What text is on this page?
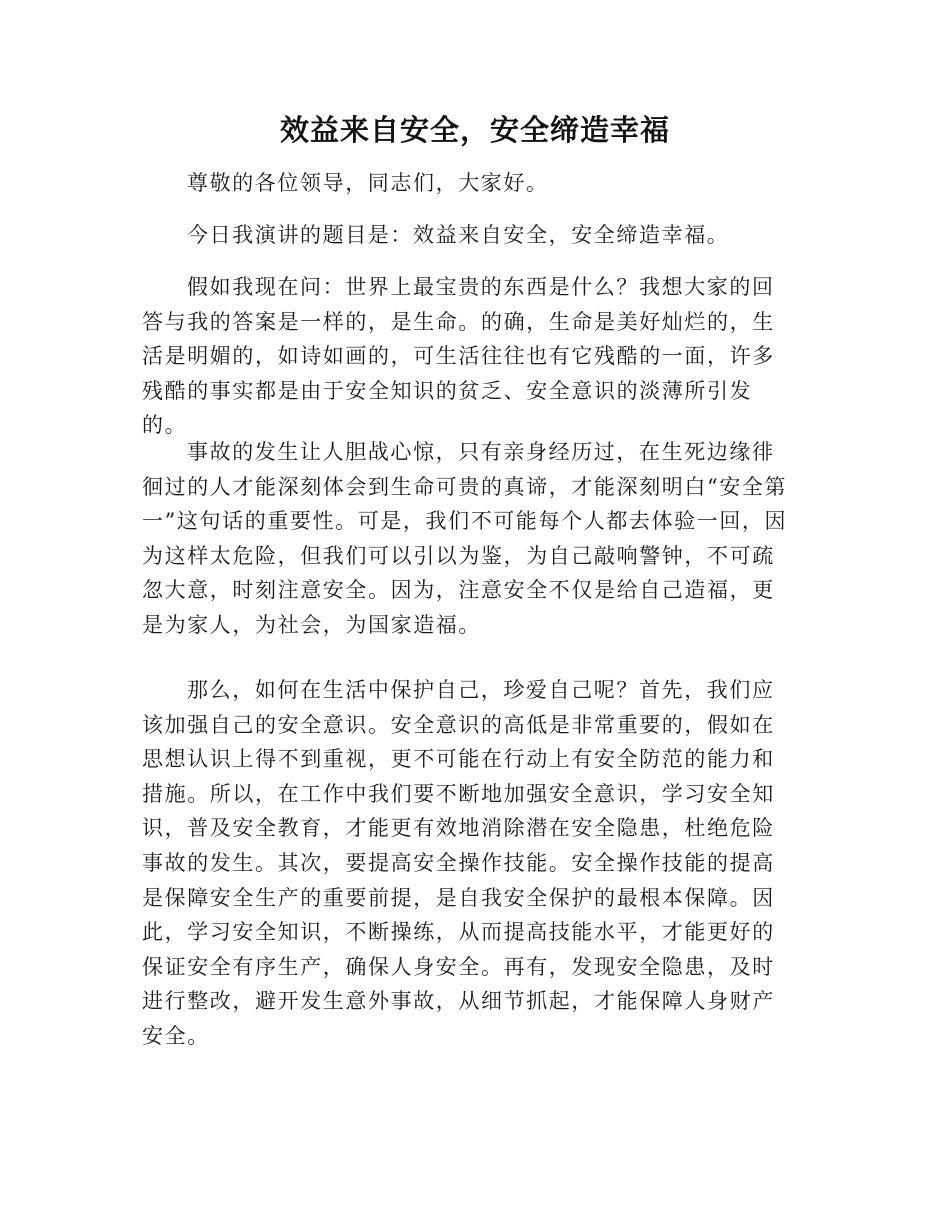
效益来自安全，安全缔造幸福

尊敬的各位领导，同志们，大家好。

今日我演讲的题目是：效益来自安全，安全缔造幸福。

假如我现在问：世界上最宝贵的东西是什么？我想大家的回答与我的答案是一样的，是生命。的确，生命是美好灿烂的，生活是明媚的，如诗如画的，可生活往往也有它残酷的一面，许多残酷的事实都是由于安全知识的贫乏、安全意识的淡薄所引发的。

事故的发生让人胆战心惊，只有亲身经历过，在生死边缘徘徊过的人才能深刻体会到生命可贵的真谛，才能深刻明白“安全第一”这句话的重要性。可是，我们不可能每个人都去体验一回，因为这样太危险，但我们可以引以为鉴，为自己敲响警钟，不可疏忽大意，时刻注意安全。因为，注意安全不仅是给自己造福，更是为家人，为社会，为国家造福。

那么，如何在生活中保护自己，珍爱自己呢？首先，我们应该加强自己的安全意识。安全意识的高低是非常重要的，假如在思想认识上得不到重视，更不可能在行动上有安全防范的能力和措施。所以，在工作中我们要不断地加强安全意识，学习安全知识，普及安全教育，才能更有效地消除潜在安全隐患，杜绝危险事故的发生。其次，要提高安全操作技能。安全操作技能的提高是保障安全生产的重要前提，是自我安全保护的最根本保障。因此，学习安全知识，不断操练，从而提高技能水平，才能更好的保证安全有序生产，确保人身安全。再有，发现安全隐患，及时进行整改，避开发生意外事故，从细节抓起，才能保障人身财产安全。
